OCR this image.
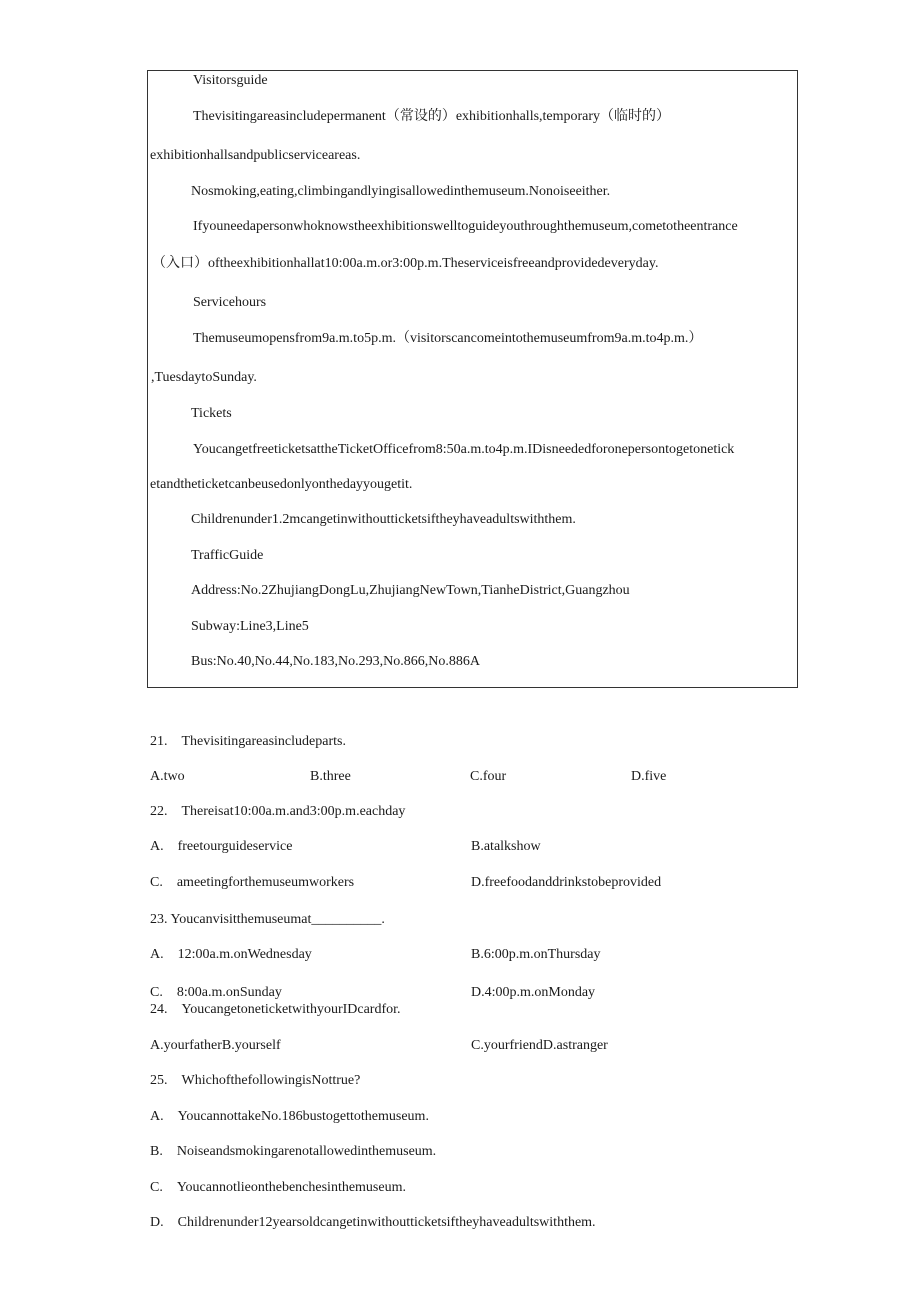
Visitorsguide
Thevisitingareasincludepermanent（常设的）exhibitionhalls,temporary（临时的）
exhibitionhallsandpublicserviceareas.
Nosmoking,eating,climbingandlyingisallowedinthemuseum.Nonoiseeither.
Ifyouneedapersonwhoknowstheexhibitionswelltoguideyouthroughthemuseum,cometotheentrance
（入口）oftheexhibitionhallat10:00a.m.or3:00p.m.Theserviceisfreeandprovidedeveryday.
Servicehours
Themuseumopensfrom9a.m.to5p.m.（visitorscancomeintothemuseumfrom9a.m.to4p.m.）
,TuesdaytoSunday.
Tickets
YoucangetfreeticketsattheTicketOfficefrom8:50a.m.to4p.m.IDisneededforonepersontogetonetick
etandtheticketcanbeusedonlyonthedayyougetit.
Childrenunder1.2mcangetinwithoutticketsiftheyhaveadultswiththem.
TrafficGuide
Address:No.2ZhujiangDongLu,ZhujiangNewTown,TianheDistrict,Guangzhou
Subway:Line3,Line5
Bus:No.40,No.44,No.183,No.293,No.866,No.886A
21.　Thevisitingareasincludeparts.
A.two	B.three	C.four	D.five
22.　Thereisat10:00a.m.and3:00p.m.eachday
A.　freetourguideservice	B.atalkshow
C.　ameetingforthemuseumworkers	D.freefoodanddrinkstobeprovided
23. Youcanvisitthemuseumat__________.
A.　12:00a.m.onWednesday	B.6:00p.m.onThursday
C.　8:00a.m.onSunday	D.4:00p.m.onMonday
24.　YoucangetoneticketwithyourIDcardfor.
A.yourfatherB.yourself	C.yourfriendD.astranger
25.　WhichofthefollowingisNottrue?
A.　YoucannottakeNo.186bustogettothemuseum.
B.　Noiseandsmokingarenotallowedinthemuseum.
C.　Youcannotlieonthebenchesinthemuseum.
D.　Childrenunder12yearsoldcangetinwithoutticketsiftheyhaveadultswiththem.
